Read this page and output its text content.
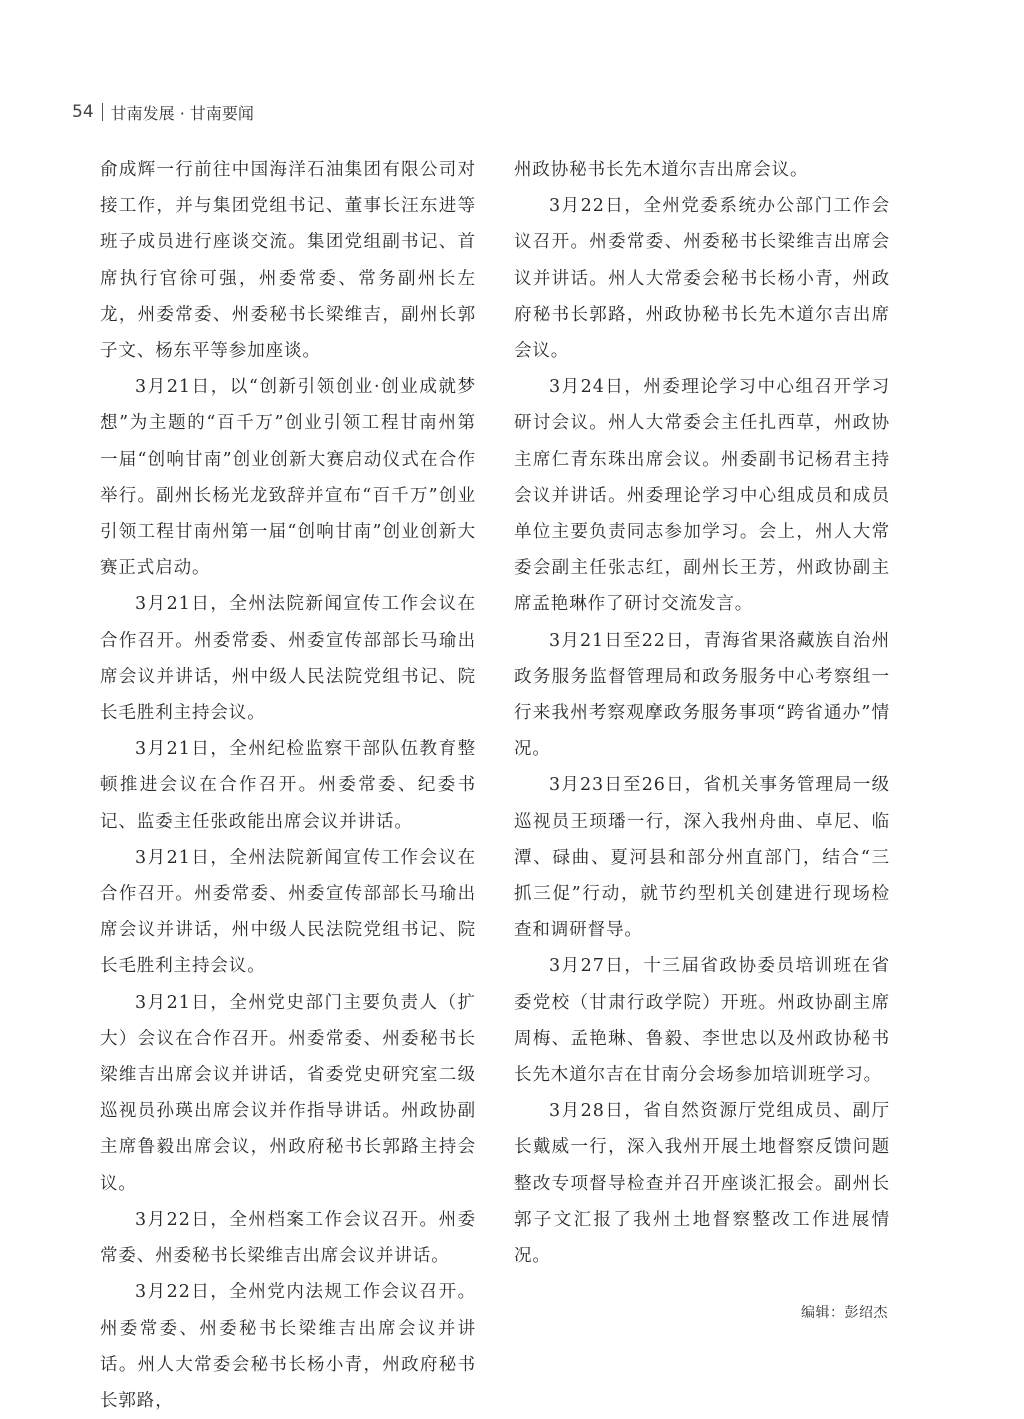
54 甘南发展 · 甘南要闻

俞成辉一行前往中国海洋石油集团有限公司对接工作，并与集团党组书记、董事长汪东进等班子成员进行座谈交流。集团党组副书记、首席执行官徐可强，州委常委、常务副州长左龙，州委常委、州委秘书长梁维吉，副州长郭子文、杨东平等参加座谈。

3月21日，以“创新引领创业·创业成就梦想”为主题的“百千万”创业引领工程甘南州第一届“创响甘南”创业创新大赛启动仪式在合作举行。副州长杨光龙致辞并宣布“百千万”创业引领工程甘南州第一届“创响甘南”创业创新大赛正式启动。

3月21日，全州法院新闻宣传工作会议在合作召开。州委常委、州委宣传部部长马瑜出席会议并讲话，州中级人民法院党组书记、院长毛胜利主持会议。

3月21日，全州纪检监察干部队伍教育整顿推进会议在合作召开。州委常委、纪委书记、监委主任张政能出席会议并讲话。

3月21日，全州法院新闻宣传工作会议在合作召开。州委常委、州委宣传部部长马瑜出席会议并讲话，州中级人民法院党组书记、院长毛胜利主持会议。

3月21日，全州党史部门主要负责人（扩大）会议在合作召开。州委常委、州委秘书长梁维吉出席会议并讲话，省委党史研究室二级巡视员孙瑛出席会议并作指导讲话。州政协副主席鲁毅出席会议，州政府秘书长郭路主持会议。

3月22日，全州档案工作会议召开。州委常委、州委秘书长梁维吉出席会议并讲话。

3月22日，全州党内法规工作会议召开。州委常委、州委秘书长梁维吉出席会议并讲话。州人大常委会秘书长杨小青，州政府秘书长郭路，

州政协秘书长先木道尔吉出席会议。

3月22日，全州党委系统办公部门工作会议召开。州委常委、州委秘书长梁维吉出席会议并讲话。州人大常委会秘书长杨小青，州政府秘书长郭路，州政协秘书长先木道尔吉出席会议。

3月24日，州委理论学习中心组召开学习研讨会议。州人大常委会主任扎西草，州政协主席仁青东珠出席会议。州委副书记杨君主持会议并讲话。州委理论学习中心组成员和成员单位主要负责同志参加学习。会上，州人大常委会副主任张志红，副州长王芳，州政协副主席孟艳琳作了研讨交流发言。

3月21日至22日，青海省果洛藏族自治州政务服务监督管理局和政务服务中心考察组一行来我州考察观摩政务服务事项“跨省通办”情况。

3月23日至26日，省机关事务管理局一级巡视员王顼璠一行，深入我州舟曲、卓尼、临潭、碌曲、夏河县和部分州直部门，结合“三抓三促”行动，就节约型机关创建进行现场检查和调研督导。

3月27日，十三届省政协委员培训班在省委党校（甘肃行政学院）开班。州政协副主席周梅、孟艳琳、鲁毅、李世忠以及州政协秘书长先木道尔吉在甘南分会场参加培训班学习。

3月28日，省自然资源厅党组成员、副厅长戴威一行，深入我州开展土地督察反馈问题整改专项督导检查并召开座谈汇报会。副州长郭子文汇报了我州土地督察整改工作进展情况。

编辑：彭绍杰
